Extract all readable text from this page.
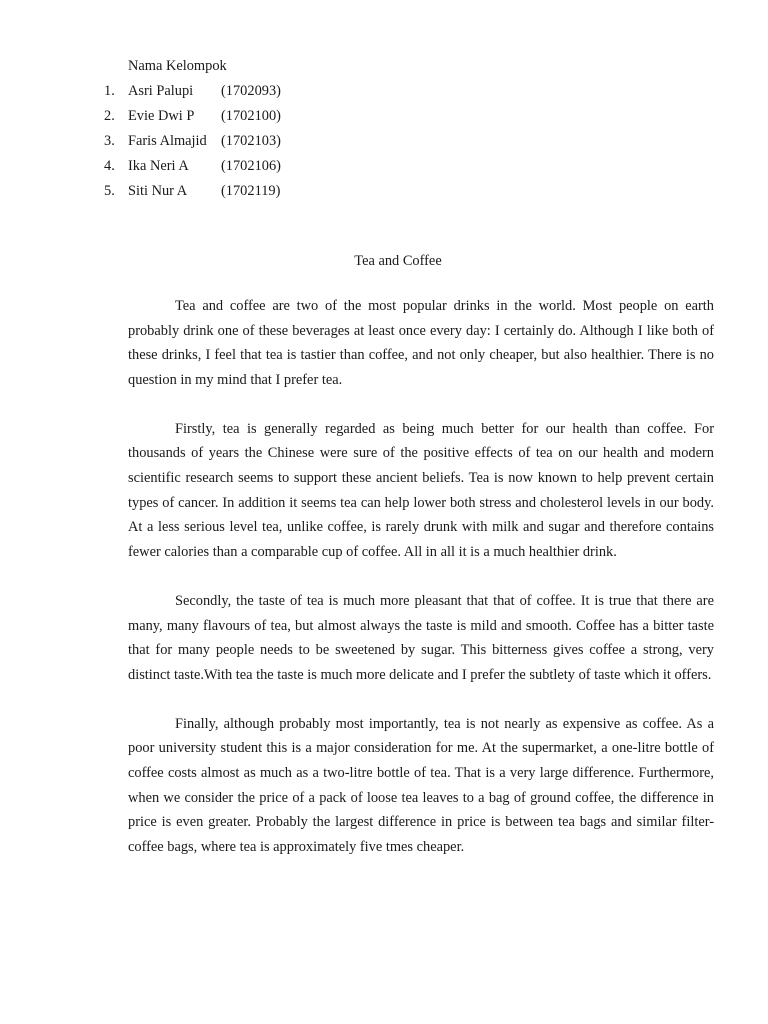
Nama Kelompok
1. Asri Palupi (1702093)
2. Evie Dwi P (1702100)
3. Faris Almajid (1702103)
4. Ika Neri A (1702106)
5. Siti Nur A (1702119)
Tea and Coffee

Tea and coffee are two of the most popular drinks in the world. Most people on earth probably drink one of these beverages at least once every day: I certainly do. Although I like both of these drinks, I feel that tea is tastier than coffee, and not only cheaper, but also healthier. There is no question in my mind that I prefer tea.

Firstly, tea is generally regarded as being much better for our health than coffee. For thousands of years the Chinese were sure of the positive effects of tea on our health and modern scientific research seems to support these ancient beliefs. Tea is now known to help prevent certain types of cancer. In addition it seems tea can help lower both stress and cholesterol levels in our body. At a less serious level tea, unlike coffee, is rarely drunk with milk and sugar and therefore contains fewer calories than a comparable cup of coffee. All in all it is a much healthier drink.

Secondly, the taste of tea is much more pleasant that that of coffee. It is true that there are many, many flavours of tea, but almost always the taste is mild and smooth. Coffee has a bitter taste that for many people needs to be sweetened by sugar. This bitterness gives coffee a strong, very distinct taste.With tea the taste is much more delicate and I prefer the subtlety of taste which it offers.

Finally, although probably most importantly, tea is not nearly as expensive as coffee. As a poor university student this is a major consideration for me. At the supermarket, a one-litre bottle of coffee costs almost as much as a two-litre bottle of tea. That is a very large difference. Furthermore, when we consider the price of a pack of loose tea leaves to a bag of ground coffee, the difference in price is even greater. Probably the largest difference in price is between tea bags and similar filter-coffee bags, where tea is approximately five tmes cheaper.
